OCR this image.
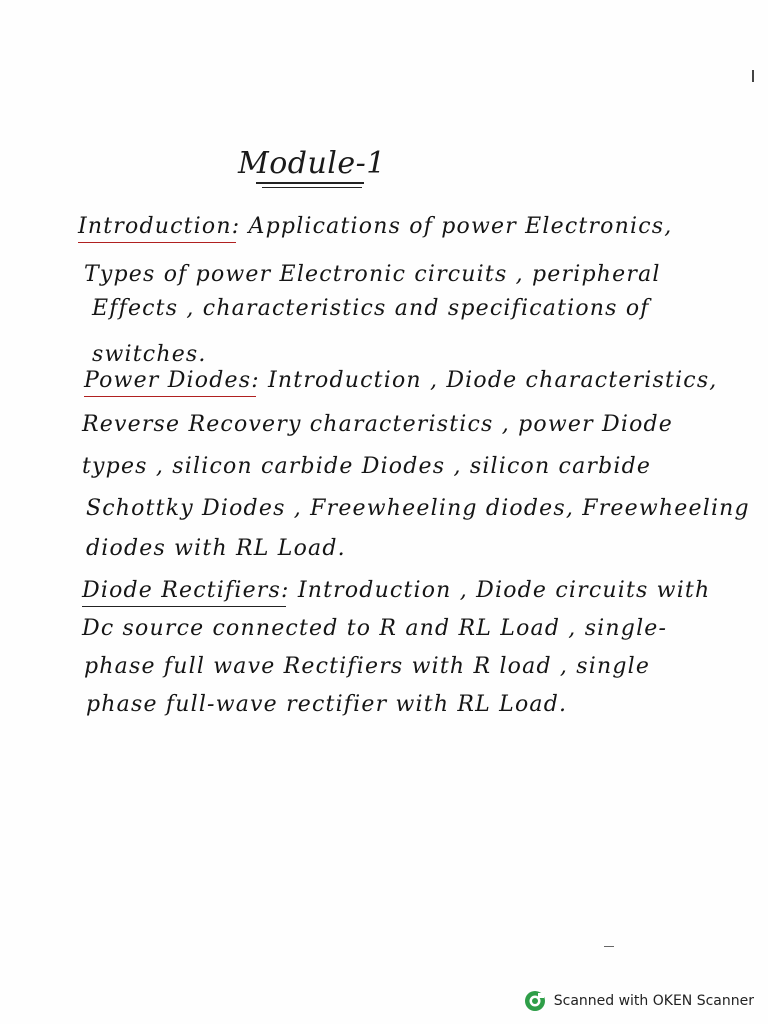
Module-1
Introduction: Applications of power Electronics,
Types of power Electronic circuits , peripheral
Effects , characteristics and specifications of
switches.
Power Diodes: Introduction , Diode characteristics,
Reverse Recovery characteristics , power Diode
types , silicon carbide Diodes , silicon carbide
Schottky Diodes , Freewheeling diodes, Freewheeling
diodes with RL Load.
Diode Rectifiers: Introduction , Diode circuits with
Dc source connected to R and RL Load , single-
phase full wave Rectifiers with R load , single
phase full-wave rectifier with RL Load.
Scanned with OKEN Scanner
